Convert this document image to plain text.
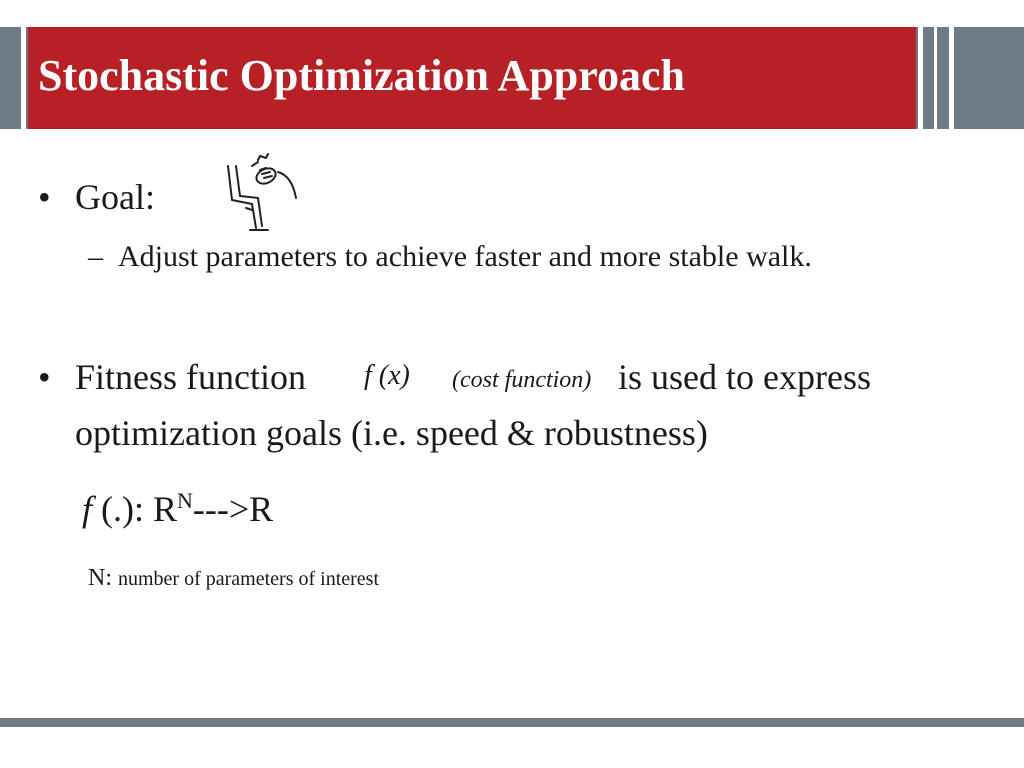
Stochastic Optimization Approach
• Goal:
– Adjust parameters to achieve faster and more stable walk.
• Fitness function f (x) (cost function) is used to express
optimization goals (i.e. speed & robustness)
f (.): $R^N--->R$
N: number of parameters of interest
